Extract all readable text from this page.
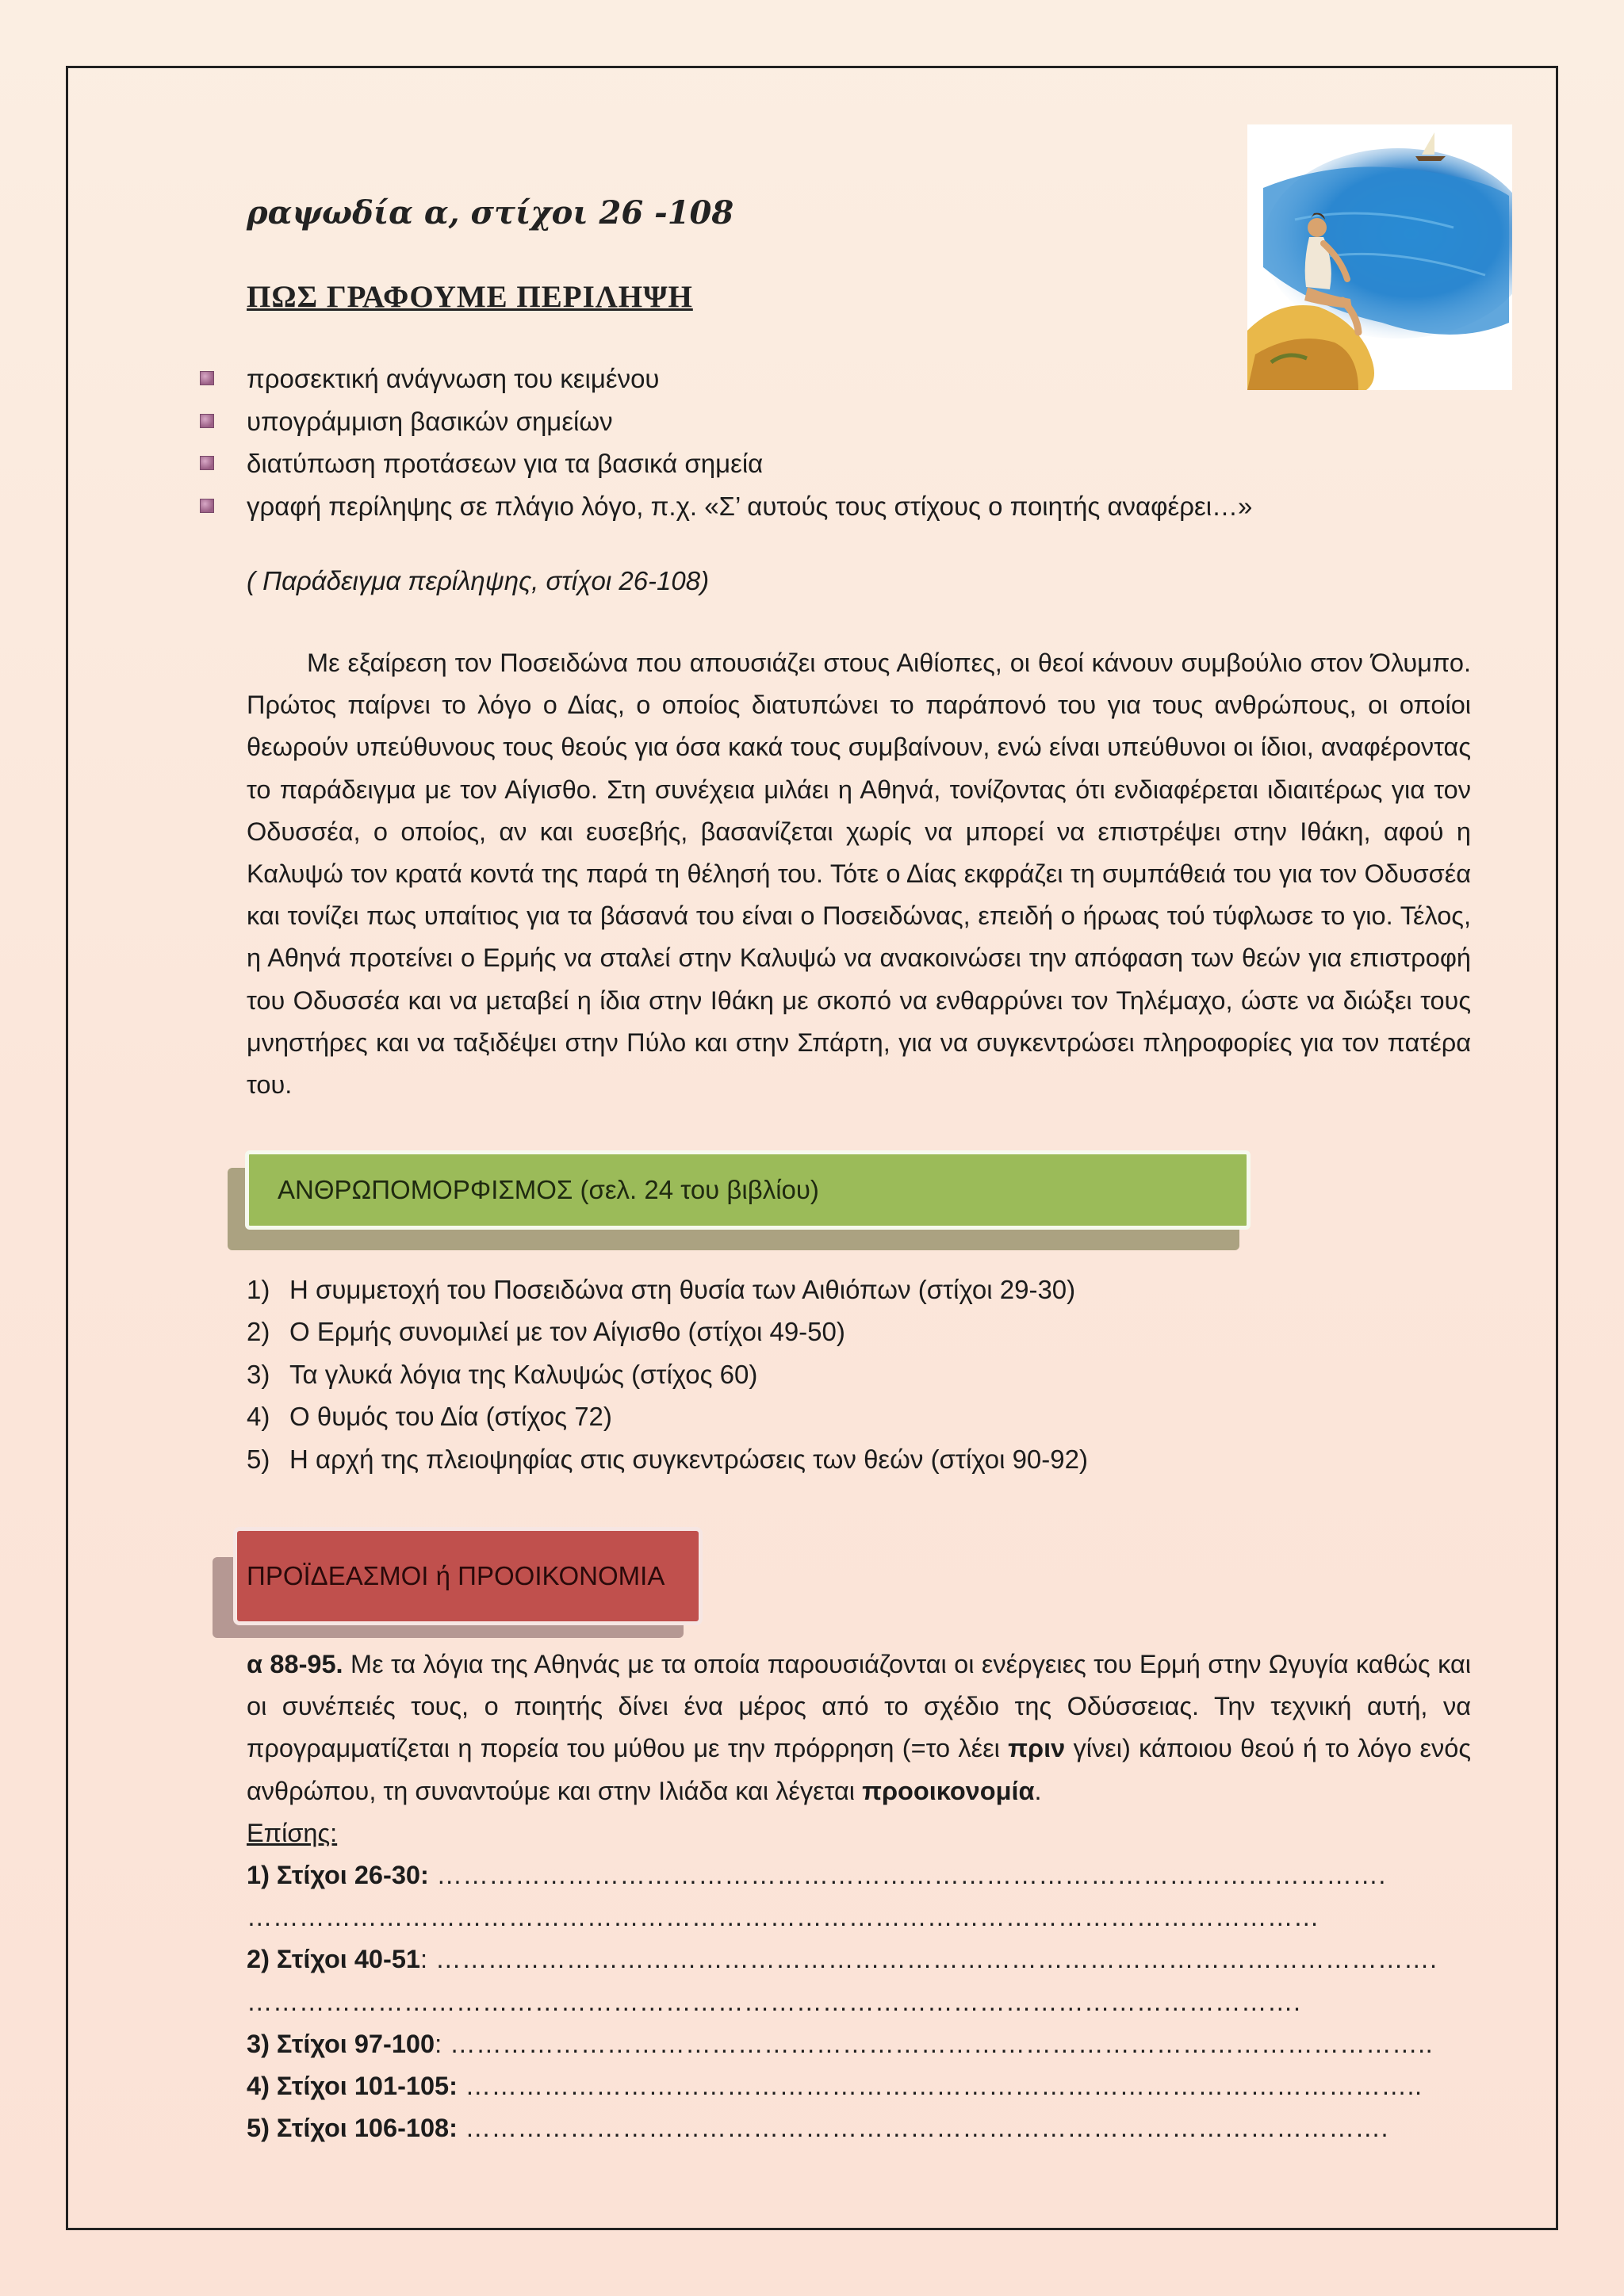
ραψωδία α, στίχοι 26 -108
ΠΩΣ ΓΡΑΦΟΥΜΕ ΠΕΡΙΛΗΨΗ
προσεκτική ανάγνωση του κειμένου
υπογράμμιση βασικών σημείων
διατύπωση προτάσεων για τα βασικά σημεία
γραφή περίληψης σε πλάγιο λόγο, π.χ. «Σ’ αυτούς τους στίχους ο ποιητής αναφέρει…»

( Παράδειγμα περίληψης, στίχοι 26-108)

Με εξαίρεση τον Ποσειδώνα που απουσιάζει στους Αιθίοπες, οι θεοί κάνουν συμβούλιο στον Όλυμπο. Πρώτος παίρνει το λόγο ο Δίας, ο οποίος διατυπώνει το παράπονό του για τους ανθρώπους, οι οποίοι θεωρούν υπεύθυνους τους θεούς για όσα κακά τους συμβαίνουν, ενώ είναι υπεύθυνοι οι ίδιοι, αναφέροντας το παράδειγμα με τον Αίγισθο. Στη συνέχεια μιλάει η Αθηνά, τονίζοντας ότι ενδιαφέρεται ιδιαιτέρως για τον Οδυσσέα, ο οποίος, αν και ευσεβής, βασανίζεται χωρίς να μπορεί να επιστρέψει στην Ιθάκη, αφού η Καλυψώ τον κρατά κοντά της παρά τη θέλησή του. Τότε ο Δίας εκφράζει τη συμπάθειά του για τον Οδυσσέα και τονίζει πως υπαίτιος για τα βάσανά του είναι ο Ποσειδώνας, επειδή ο ήρωας τού τύφλωσε το γιο. Τέλος, η Αθηνά προτείνει ο Ερμής να σταλεί στην Καλυψώ να ανακοινώσει την απόφαση των θεών για επιστροφή του Οδυσσέα και να μεταβεί η ίδια στην Ιθάκη με σκοπό να ενθαρρύνει τον Τηλέμαχο, ώστε να διώξει τους μνηστήρες και να ταξιδέψει στην Πύλο και στην Σπάρτη, για να συγκεντρώσει πληροφορίες για τον πατέρα του.

ΑΝΘΡΩΠΟΜΟΡΦΙΣΜΟΣ (σελ. 24 του βιβλίου)
1) Η συμμετοχή του Ποσειδώνα στη θυσία των Αιθιόπων (στίχοι 29-30)
2) Ο Ερμής συνομιλεί με τον Αίγισθο (στίχοι 49-50)
3) Τα γλυκά λόγια της Καλυψώς (στίχος 60)
4) Ο θυμός του Δία (στίχος 72)
5) Η αρχή της πλειοψηφίας στις συγκεντρώσεις των θεών (στίχοι 90-92)
ΠΡΟΪΔΕΑΣΜΟΙ ή ΠΡΟΟΙΚΟΝΟΜΙΑ

α 88-95. Με τα λόγια της Αθηνάς με τα οποία παρουσιάζονται οι ενέργειες του Ερμή στην Ωγυγία καθώς και οι συνέπειές τους, ο ποιητής δίνει ένα μέρος από το σχέδιο της Οδύσσειας. Την τεχνική αυτή, να προγραμματίζεται η πορεία του μύθου με την πρόρρηση (=το λέει πριν γίνει) κάποιου θεού ή το λόγο ενός ανθρώπου, τη συναντούμε και στην Ιλιάδα και λέγεται προοικονομία.

Επίσης:

1) Στίχοι 26-30: ……………………………………………………………………………………………….

……………………………………………………………………………………………………………

2) Στίχοι 40-51: …………………………………………………………………………………………………….

………………………………………………………………………………………………………….

3) Στίχοι 97-100: …………………………………………………………………………………………………..

4) Στίχοι 101-105: ………………………………………………………………………………………………..

5) Στίχοι 106-108: …………………………………………………………………………………………….
